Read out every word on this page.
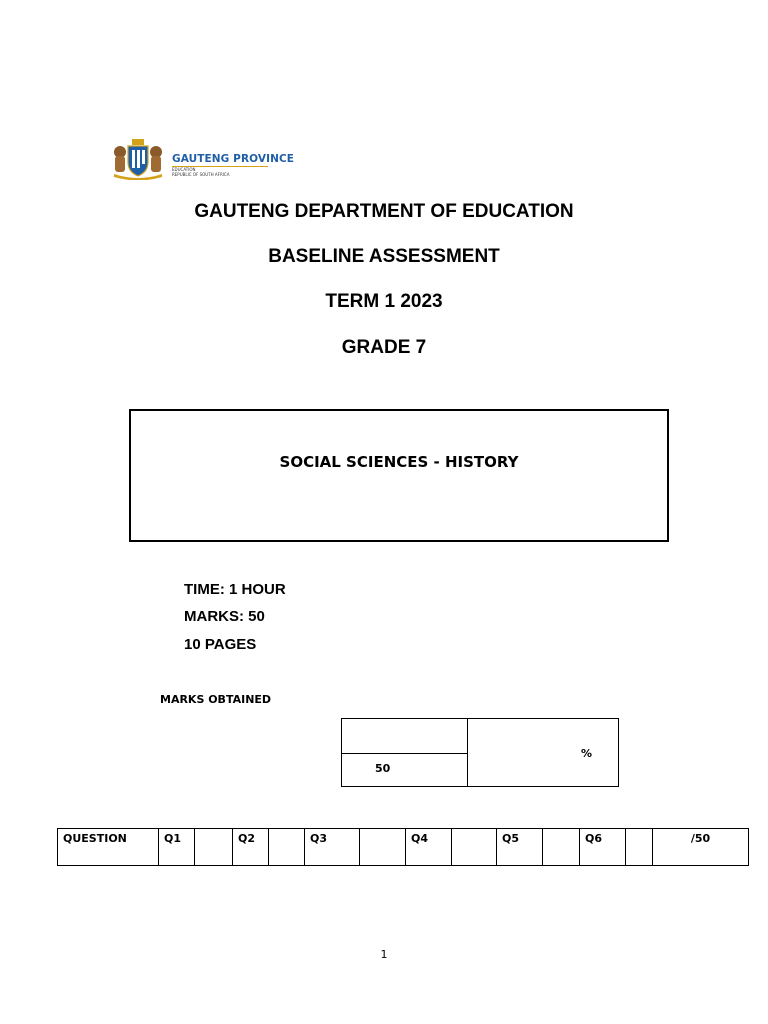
GAUTENG PROVINCE
EDUCATION
REPUBLIC OF SOUTH AFRICA
GAUTENG DEPARTMENT OF EDUCATION
BASELINE ASSESSMENT
TERM 1 2023
GRADE 7
SOCIAL SCIENCES - HISTORY
TIME: 1 HOUR
MARKS: 50
10 PAGES
MARKS OBTAINED
50
%
QUESTION	Q1		Q2		Q3		Q4		Q5		Q6		/50
1
